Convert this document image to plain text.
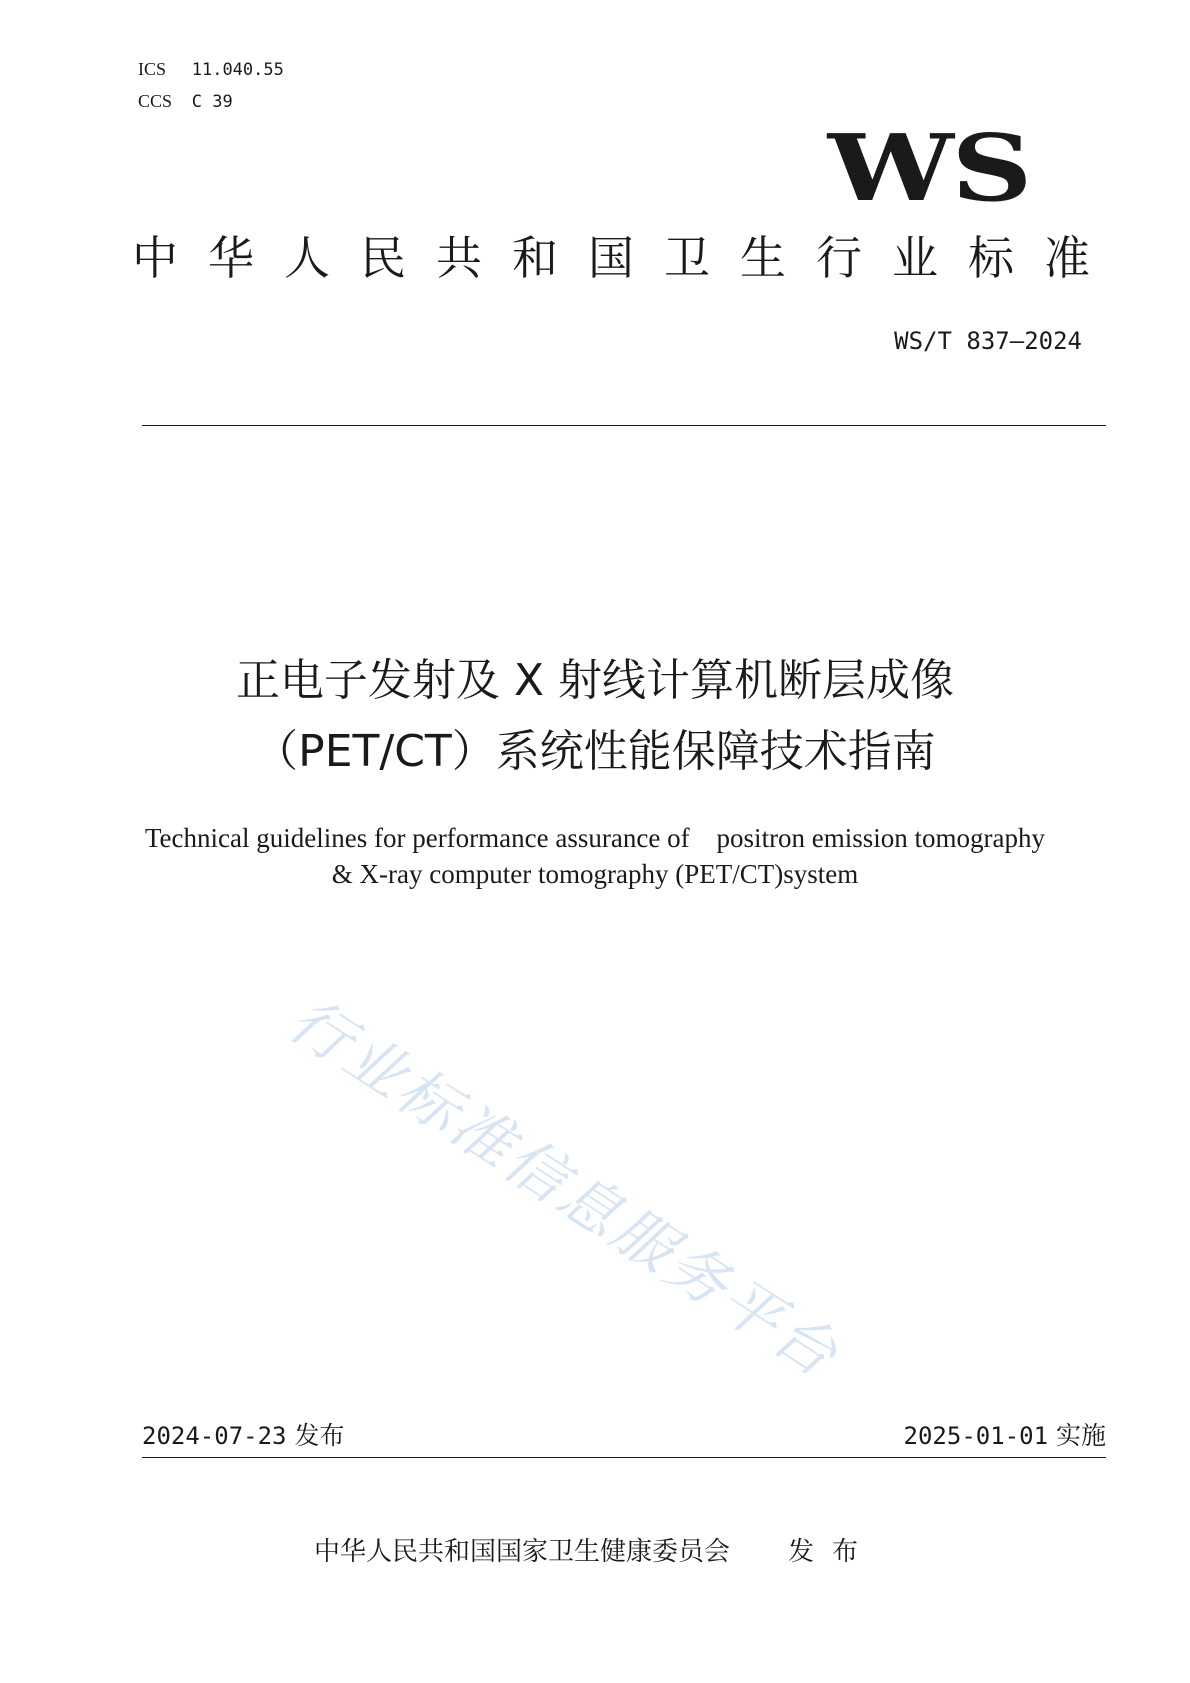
ICS 11.040.55
CCS C 39
WS
中华人民共和国卫生行业标准
WS/T 837—2024
正电子发射及 X 射线计算机断层成像
（PET/CT）系统性能保障技术指南
Technical guidelines for performance assurance of    positron emission tomography
& X-ray computer tomography (PET/CT)system
行业标准信息服务平台
2024-07-23 发布	2025-01-01 实施
中华人民共和国国家卫生健康委员会 发布
